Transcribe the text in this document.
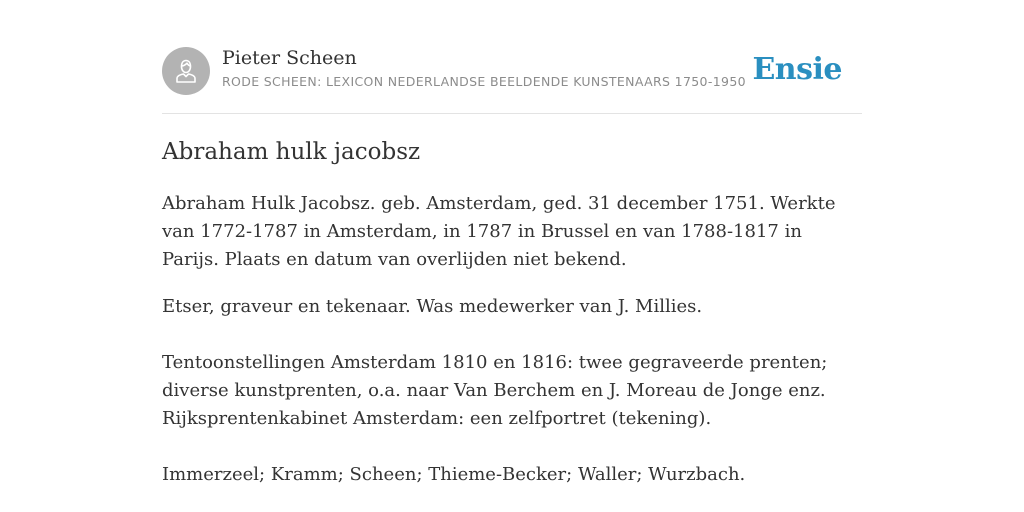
Pieter Scheen
RODE SCHEEN: LEXICON NEDERLANDSE BEELDENDE KUNSTENAARS 1750-1950 Ensie
Abraham hulk jacobsz

Abraham Hulk Jacobsz. geb. Amsterdam, ged. 31 december 1751. Werkte van 1772-1787 in Amsterdam, in 1787 in Brussel en van 1788-1817 in Parijs. Plaats en datum van overlijden niet bekend.

Etser, graveur en tekenaar. Was medewerker van J. Millies.

Tentoonstellingen Amsterdam 1810 en 1816: twee gegraveerde prenten; diverse kunstprenten, o.a. naar Van Berchem en J. Moreau de Jonge enz. Rijksprentenkabinet Amsterdam: een zelfportret (tekening).

Immerzeel; Kramm; Scheen; Thieme-Becker; Waller; Wurzbach.
